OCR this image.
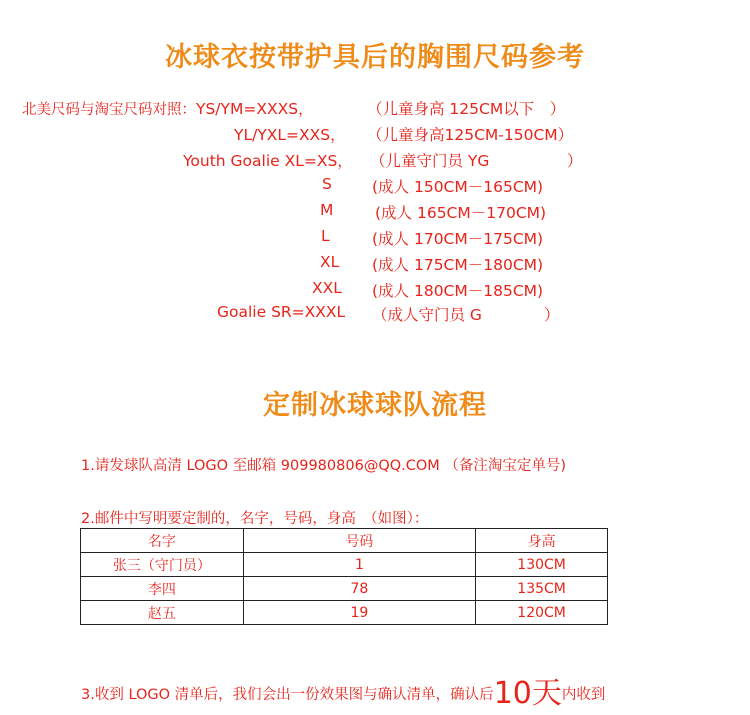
冰球衣按带护具后的胸围尺码参考
北美尺码与淘宝尺码对照：YS/YM=XXXS，	（儿童身高 125CM以下　）
YL/YXL=XXS， （儿童身高125CM-150CM）
Youth Goalie XL=XS， （儿童守门员 YG　　　　　）
S	(成人 150CM－165CM)
M	(成人 165CM－170CM)
L	(成人 170CM－175CM)
XL (成人 175CM－180CM)
XXL (成人 180CM－185CM)
Goalie SR=XXXL （成人守门员 G　　　　）
定制冰球球队流程
1.请发球队高清 LOGO 至邮箱 909980806@QQ.COM （备注淘宝定单号)
2.邮件中写明要定制的，名字，号码，身高　（如图）：
名字	号码	身高
张三（守门员）	1	130CM
李四	78	135CM
赵五	19	120CM
3.收到 LOGO 清单后，我们会出一份效果图与确认清单，确认后10天内收到
